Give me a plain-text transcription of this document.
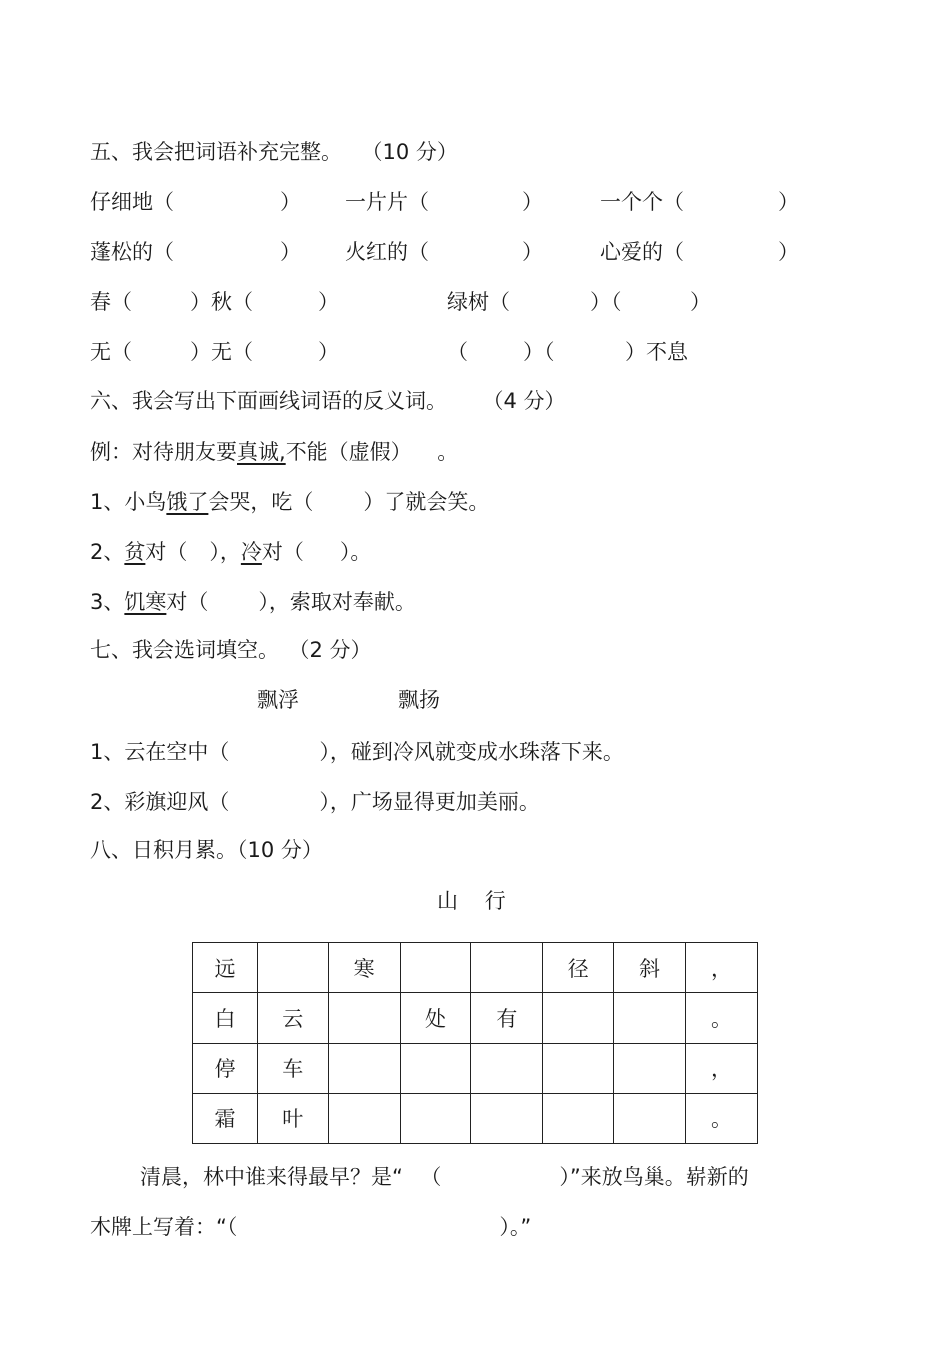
五、我会把词语补充完整。 （10 分）
仔细地（	） 一片片（	）	一个个（	）
蓬松的（	） 火红的（	）	心爱的（	）
春（	）秋（	）	绿树（	）（	）
无（	）无（	）	（	）（	）不息
六、我会写出下面画线词语的反义词。 （4 分）
例：对待朋友要真诚,不能（虚假） 。
1、小鸟饿了会哭，吃（ ）了就会笑。
2、贫对（ ），冷对（ ）。
3、饥寒对（ ），索取对奉献。
七、我会选词填空。 （2 分）
飘浮	飘扬
1、云在空中（	），碰到冷风就变成水珠落下来。
2、彩旗迎风（	），广场显得更加美丽。
八、日积月累。（10 分）
山    行
远		寒			径	斜	，
白	云		处	有			。
停	车						，
霜	叶						。
清晨，林中谁来得最早？是“ （	）”来放鸟巢。崭新的
木牌上写着：“（	）。”
